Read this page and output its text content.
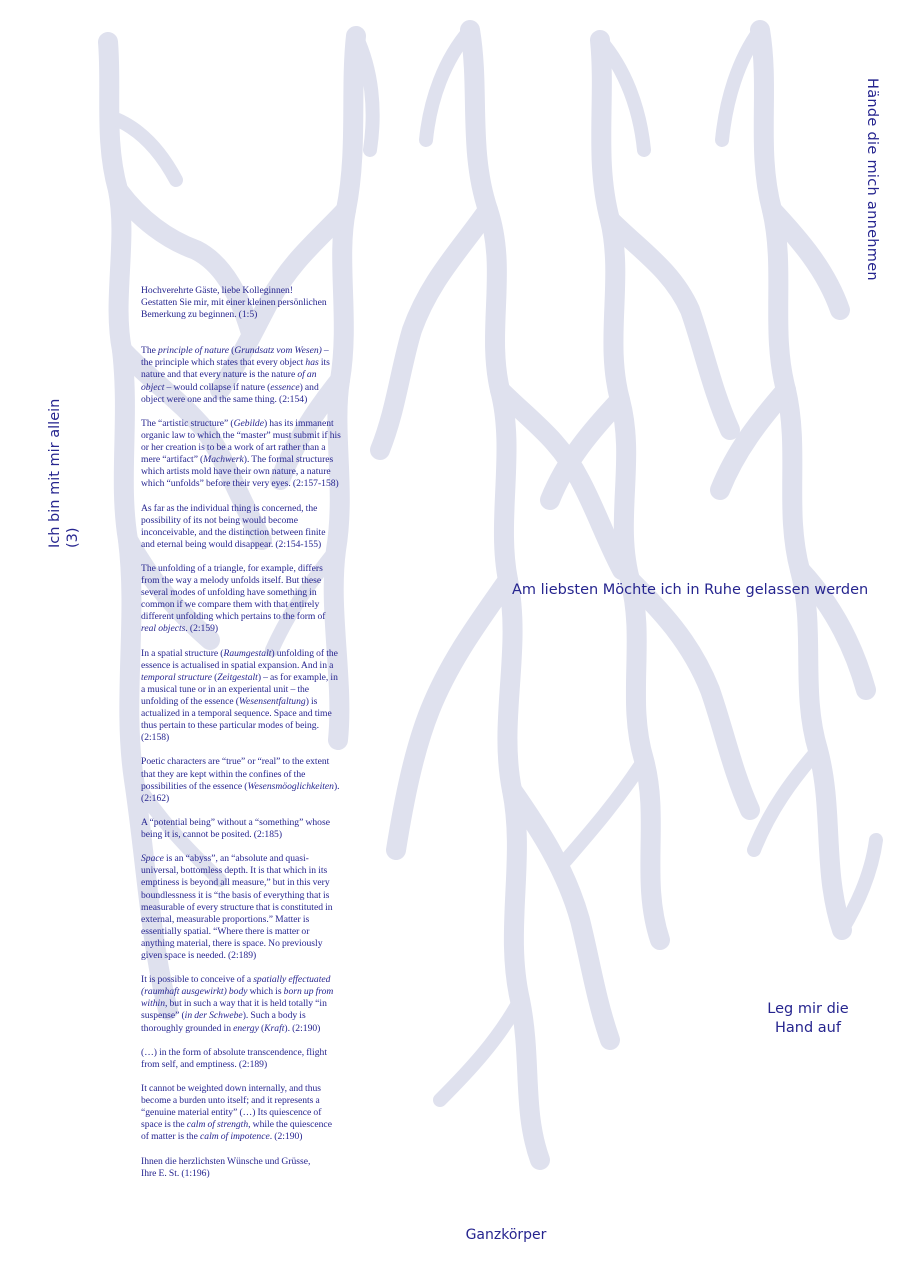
Hände die mich annehmen
Ich bin mit mir allein (3)
Am liebsten Möchte ich in Ruhe gelassen werden
Leg mir die
Hand auf
Ganzkörper

Hochverehrte Gäste, liebe Kolleginnen!
Gestatten Sie mir, mit einer kleinen persönlichen Bemerkung zu beginnen. (1:5)

The principle of nature (Grundsatz vom Wesen) – the principle which states that every object has its nature and that every nature is the nature of an object – would collapse if nature (essence) and object were one and the same thing. (2:154)

The “artistic structure” (Gebilde) has its immanent organic law to which the “master” must submit if his or her creation is to be a work of art rather than a mere “artifact” (Machwerk). The formal structures which artists mold have their own nature, a nature which “unfolds” before their very eyes. (2:157-158)

As far as the individual thing is concerned, the possibility of its not being would become inconceivable, and the distinction between finite and eternal being would disappear. (2:154-155)

The unfolding of a triangle, for example, differs from the way a melody unfolds itself. But these several modes of unfolding have something in common if we compare them with that entirely different unfolding which pertains to the form of real objects. (2:159)

In a spatial structure (Raumgestalt) unfolding of the essence is actualised in spatial expansion. And in a temporal structure (Zeitgestalt) – as for example, in a musical tune or in an experiental unit – the unfolding of the essence (Wesensentfaltung) is actualized in a temporal sequence. Space and time thus pertain to these particular modes of being. (2:158)

Poetic characters are “true” or “real” to the extent that they are kept within the confines of the possibilities of the essence (Wesensmöoglichkeiten). (2:162)

A “potential being” without a “something” whose being it is, cannot be posited. (2:185)

Space is an “abyss”, an “absolute and quasi-universal, bottomless depth. It is that which in its emptiness is beyond all measure,” but in this very boundlessness it is “the basis of everything that is measurable of every structure that is constituted in external, measurable proportions.” Matter is essentially spatial. “Where there is matter or anything material, there is space. No previously given space is needed. (2:189)

It is possible to conceive of a spatially effectuated (raumhaft ausgewirkt) body which is born up from within, but in such a way that it is held totally “in suspense” (in der Schwebe). Such a body is thoroughly grounded in energy (Kraft). (2:190)

(…) in the form of absolute transcendence, flight from self, and emptiness. (2:189)

It cannot be weighted down internally, and thus become a burden unto itself; and it represents a “genuine material entity” (…) Its quiescence of space is the calm of strength, while the quiescence of matter is the calm of impotence. (2:190)

Ihnen die herzlichsten Wünsche und Grüsse,
Ihre E. St. (1:196)
